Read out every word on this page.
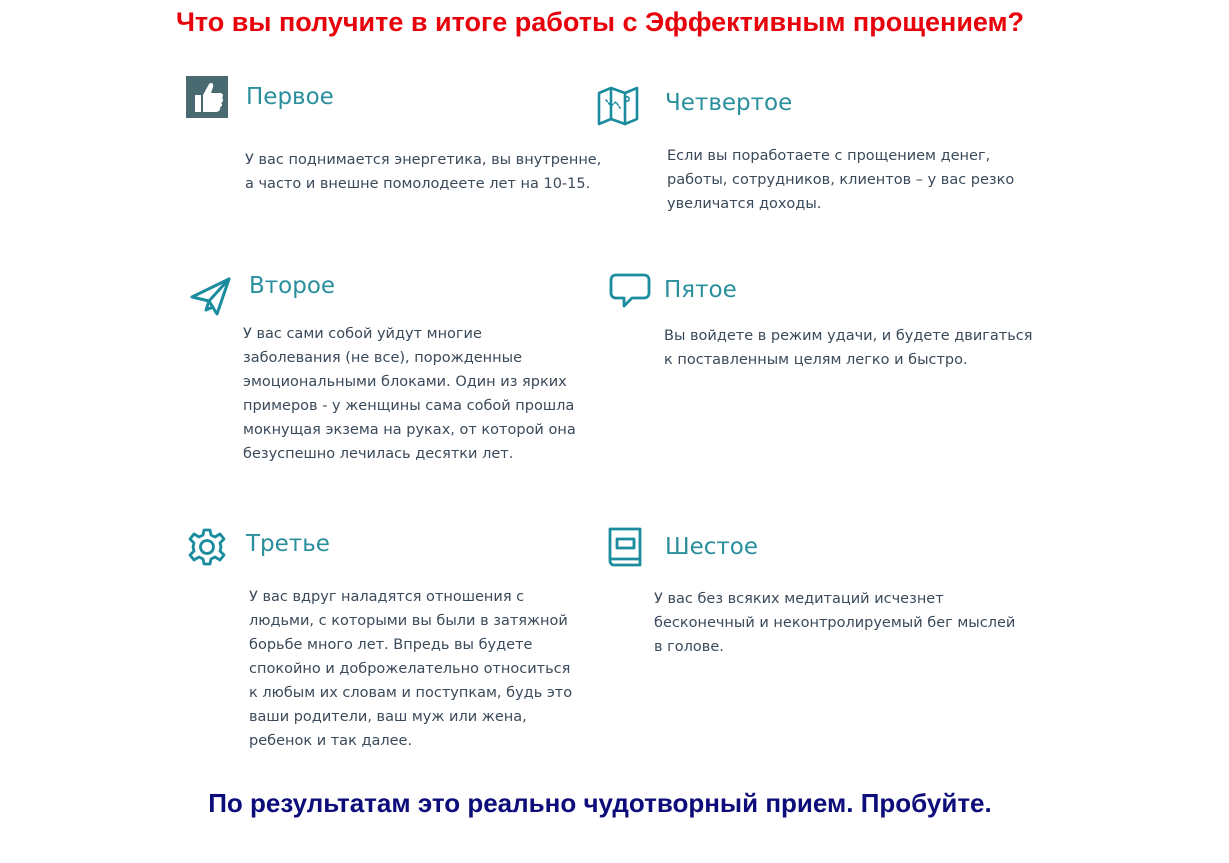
Что вы получите в итоге работы с Эффективным прощением?
Первое

У вас поднимается энергетика, вы внутренне,
а часто и внешне помолодеете лет на 10-15.

Второе

У вас сами собой уйдут многие
заболевания (не все), порожденные
эмоциональными блоками. Один из ярких
примеров - у женщины сама собой прошла
мокнущая экзема на руках, от которой она
безуспешно лечилась десятки лет.

Третье

У вас вдруг наладятся отношения с
людьми, с которыми вы были в затяжной
борьбе много лет. Впредь вы будете
спокойно и доброжелательно относиться
к любым их словам и поступкам, будь это
ваши родители, ваш муж или жена,
ребенок и так далее.

Четвертое

Если вы поработаете с прощением денег,
работы, сотрудников, клиентов – у вас резко
увеличатся доходы.

Пятое

Вы войдете в режим удачи, и будете двигаться
к поставленным целям легко и быстро.

Шестое

У вас без всяких медитаций исчезнет
бесконечный и неконтролируемый бег мыслей
в голове.

По результатам это реально чудотворный прием. Пробуйте.
